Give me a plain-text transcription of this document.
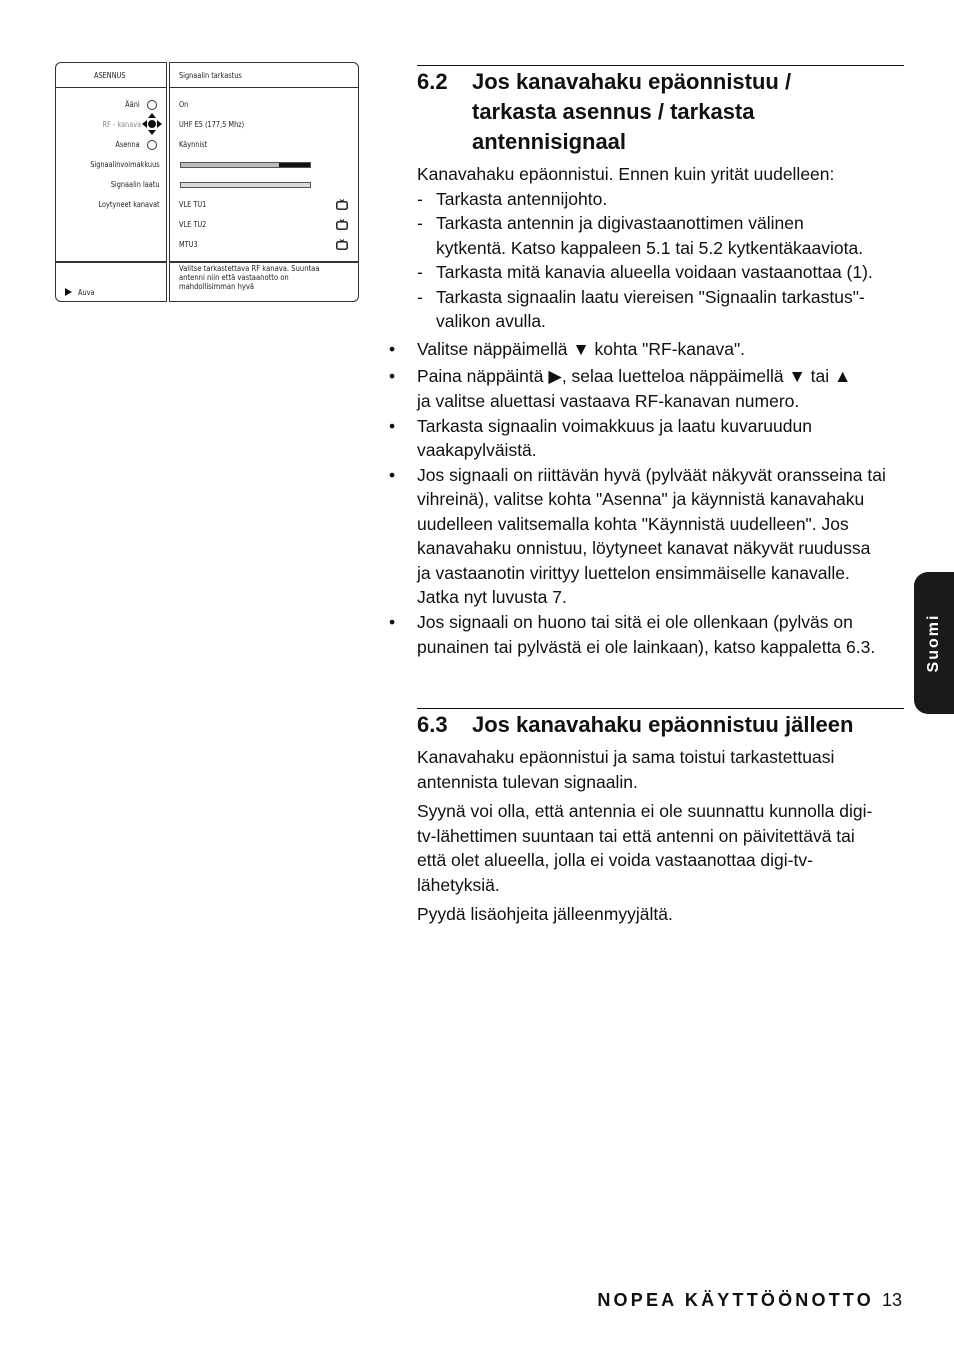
ASENNUS	Signaalin tarkastus
Ääni
RF - kanava
Asenna
Signaalinvoimakkuus
Signaalin laatu
Loytyneet kanavat
On
UHF E5 (177,5 Mhz)
Käynnist
VLE TU1
VLE TU2
MTU3
Auva
Valitse tarkastettava RF kanava. Suuntaa
antenni niin että vastaanotto on
mahdollisimman hyvä
6.2 Jos kanavahaku epäonnistuu /
tarkasta asennus / tarkasta
antennisignaal
Kanavahaku epäonnistui. Ennen kuin yrität uudelleen:
- Tarkasta antennijohto.
- Tarkasta antennin ja digivastaanottimen välinen
kytkentä. Katso kappaleen 5.1 tai 5.2 kytkentäkaaviota.
- Tarkasta mitä kanavia alueella voidaan vastaanottaa (1).
- Tarkasta signaalin laatu viereisen "Signaalin tarkastus"-
valikon avulla.
• Valitse näppäimellä ▼ kohta "RF-kanava".
• Paina näppäintä ▶, selaa luetteloa näppäimellä ▼ tai ▲
ja valitse aluettasi vastaava RF-kanavan numero.
• Tarkasta signaalin voimakkuus ja laatu kuvaruudun
vaakapylväistä.
• Jos signaali on riittävän hyvä (pylväät näkyvät oransseina tai
vihreinä), valitse kohta "Asenna" ja käynnistä kanavahaku
uudelleen valitsemalla kohta "Käynnistä uudelleen". Jos
kanavahaku onnistuu, löytyneet kanavat näkyvät ruudussa
ja vastaanotin virittyy luettelon ensimmäiselle kanavalle.
Jatka nyt luvusta 7.
• Jos signaali on huono tai sitä ei ole ollenkaan (pylväs on
punainen tai pylvästä ei ole lainkaan), katso kappaletta 6.3.
6.3 Jos kanavahaku epäonnistuu jälleen
Kanavahaku epäonnistui ja sama toistui tarkastettuasi
antennista tulevan signaalin.
Syynä voi olla, että antennia ei ole suunnattu kunnolla digi-
tv-lähettimen suuntaan tai että antenni on päivitettävä tai
että olet alueella, jolla ei voida vastaanottaa digi-tv-
lähetyksiä.
Pyydä lisäohjeita jälleenmyyjältä.
Suomi
NOPEA KÄYTTÖÖNOTTO 13
